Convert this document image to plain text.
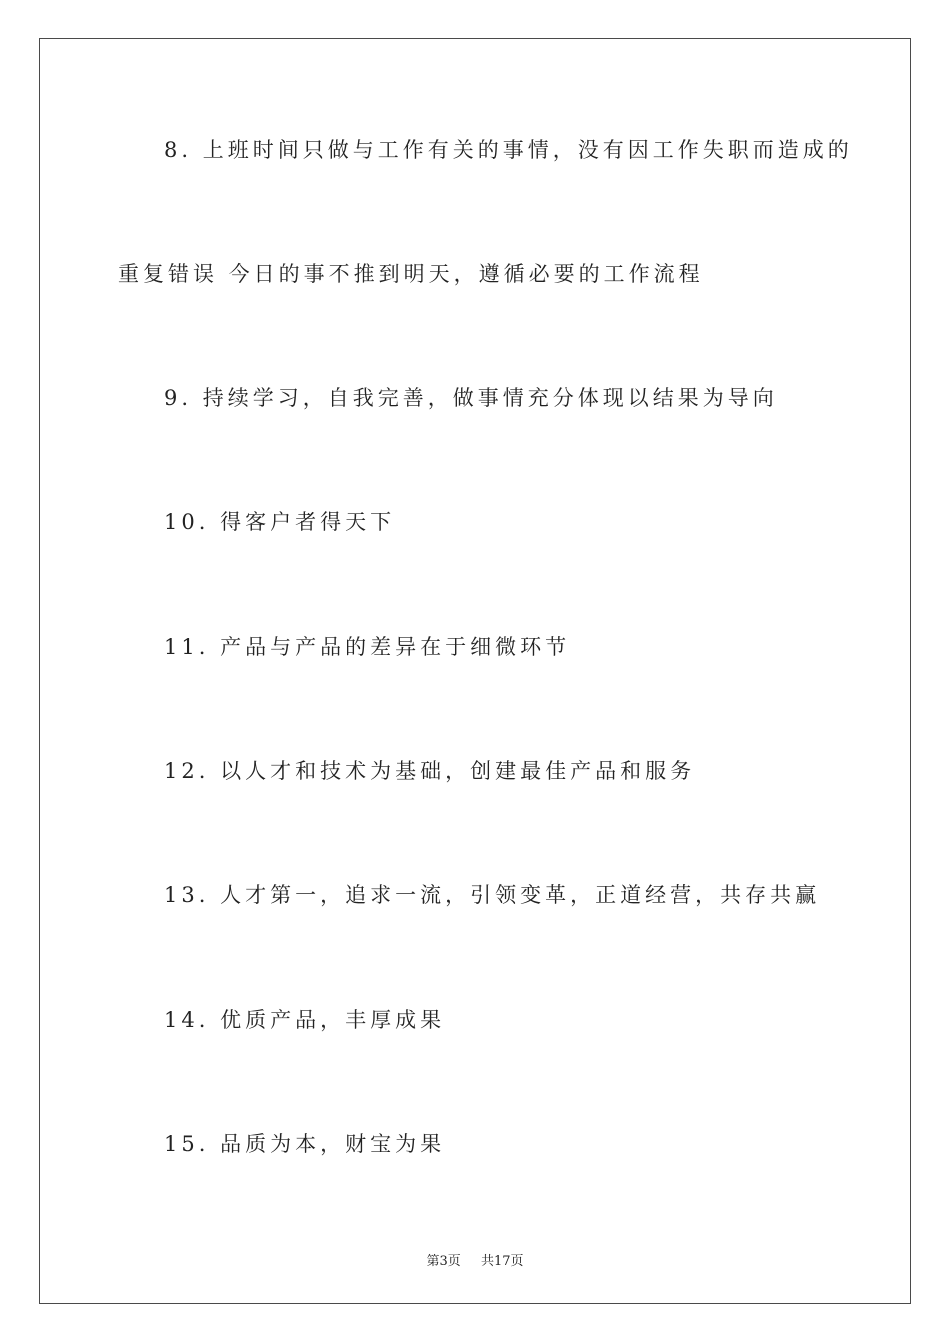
8. 上班时间只做与工作有关的事情，没有因工作失职而造成的
重复错误 今日的事不推到明天，遵循必要的工作流程
9. 持续学习，自我完善，做事情充分体现以结果为导向
10. 得客户者得天下
11. 产品与产品的差异在于细微环节
12. 以人才和技术为基础，创建最佳产品和服务
13. 人才第一，追求一流，引领变革，正道经营，共存共赢
14. 优质产品，丰厚成果
15. 品质为本，财宝为果
第3页 共17页
